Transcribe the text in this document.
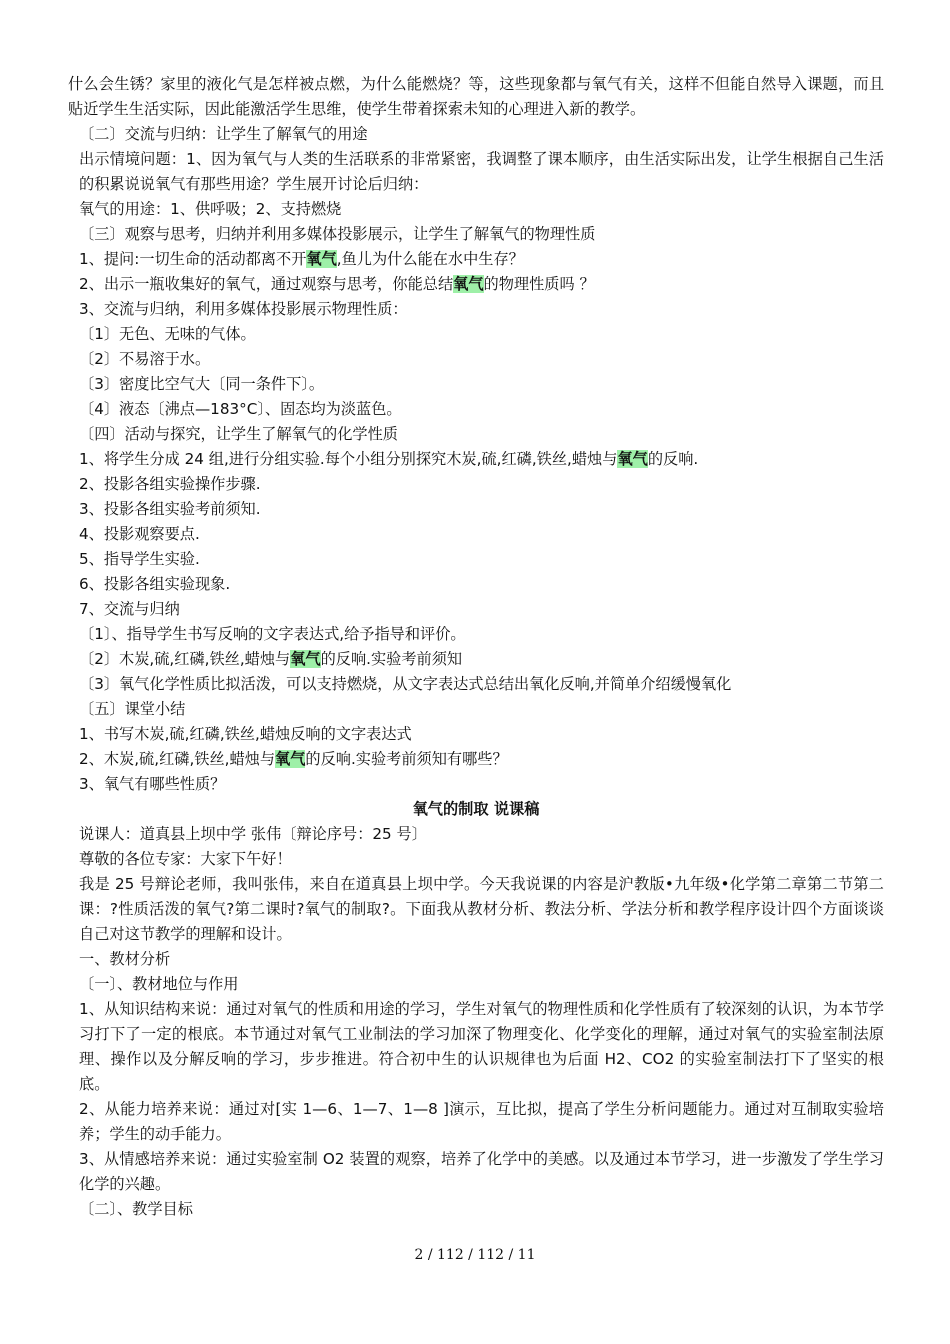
什么会生锈？家里的液化气是怎样被点燃，为什么能燃烧？等，这些现象都与氧气有关，这样不但能自然导入课题，而且贴近学生生活实际，因此能激活学生思维，使学生带着探索未知的心理进入新的教学。

〔二〕交流与归纳：让学生了解氧气的用途

出示情境问题：1、因为氧气与人类的生活联系的非常紧密，我调整了课本顺序，由生活实际出发，让学生根据自己生活的积累说说氧气有那些用途？学生展开讨论后归纳：

氧气的用途：1、供呼吸；2、支持燃烧

〔三〕观察与思考，归纳并利用多媒体投影展示，让学生了解氧气的物理性质

1、提问:一切生命的活动都离不开氧气,鱼儿为什么能在水中生存？

2、出示一瓶收集好的氧气，通过观察与思考，你能总结氧气的物理性质吗 ？

3、交流与归纳，利用多媒体投影展示物理性质：

〔1〕无色、无味的气体。

〔2〕不易溶于水。

〔3〕密度比空气大〔同一条件下〕。

〔4〕液态〔沸点—183°C〕、固态均为淡蓝色。

〔四〕活动与探究，让学生了解氧气的化学性质

1、将学生分成 24 组,进行分组实验.每个小组分别探究木炭,硫,红磷,铁丝,蜡烛与氧气的反响.

2、投影各组实验操作步骤.

3、投影各组实验考前须知.

4、投影观察要点.

5、指导学生实验.

6、投影各组实验现象.

7、交流与归纳

〔1〕、指导学生书写反响的文字表达式,给予指导和评价。

〔2〕木炭,硫,红磷,铁丝,蜡烛与氧气的反响.实验考前须知

〔3〕氧气化学性质比拟活泼，可以支持燃烧，从文字表达式总结出氧化反响,并简单介绍缓慢氧化

〔五〕课堂小结

1、书写木炭,硫,红磷,铁丝,蜡烛反响的文字表达式

2、木炭,硫,红磷,铁丝,蜡烛与氧气的反响.实验考前须知有哪些？

3、氧气有哪些性质？

氧气的制取 说课稿

说课人：道真县上坝中学 张伟〔辩论序号：25 号〕

尊敬的各位专家：大家下午好！

我是 25 号辩论老师，我叫张伟，来自在道真县上坝中学。今天我说课的内容是沪教版•九年级•化学第二章第二节第二课：?性质活泼的氧气?第二课时?氧气的制取?。下面我从教材分析、教法分析、学法分析和教学程序设计四个方面谈谈自己对这节教学的理解和设计。

一、教材分析

〔一〕、教材地位与作用

1、从知识结构来说：通过对氧气的性质和用途的学习，学生对氧气的物理性质和化学性质有了较深刻的认识，为本节学习打下了一定的根底。本节通过对氧气工业制法的学习加深了物理变化、化学变化的理解，通过对氧气的实验室制法原理、操作以及分解反响的学习，步步推进。符合初中生的认识规律也为后面 H2、CO2 的实验室制法打下了坚实的根底。

2、从能力培养来说：通过对[实 1—6、1—7、1—8 ]演示，互比拟，提高了学生分析问题能力。通过对互制取实验培养；学生的动手能力。

3、从情感培养来说：通过实验室制 O2 装置的观察，培养了化学中的美感。以及通过本节学习，进一步激发了学生学习化学的兴趣。

〔二〕、教学目标

2 / 112 / 112 / 11
